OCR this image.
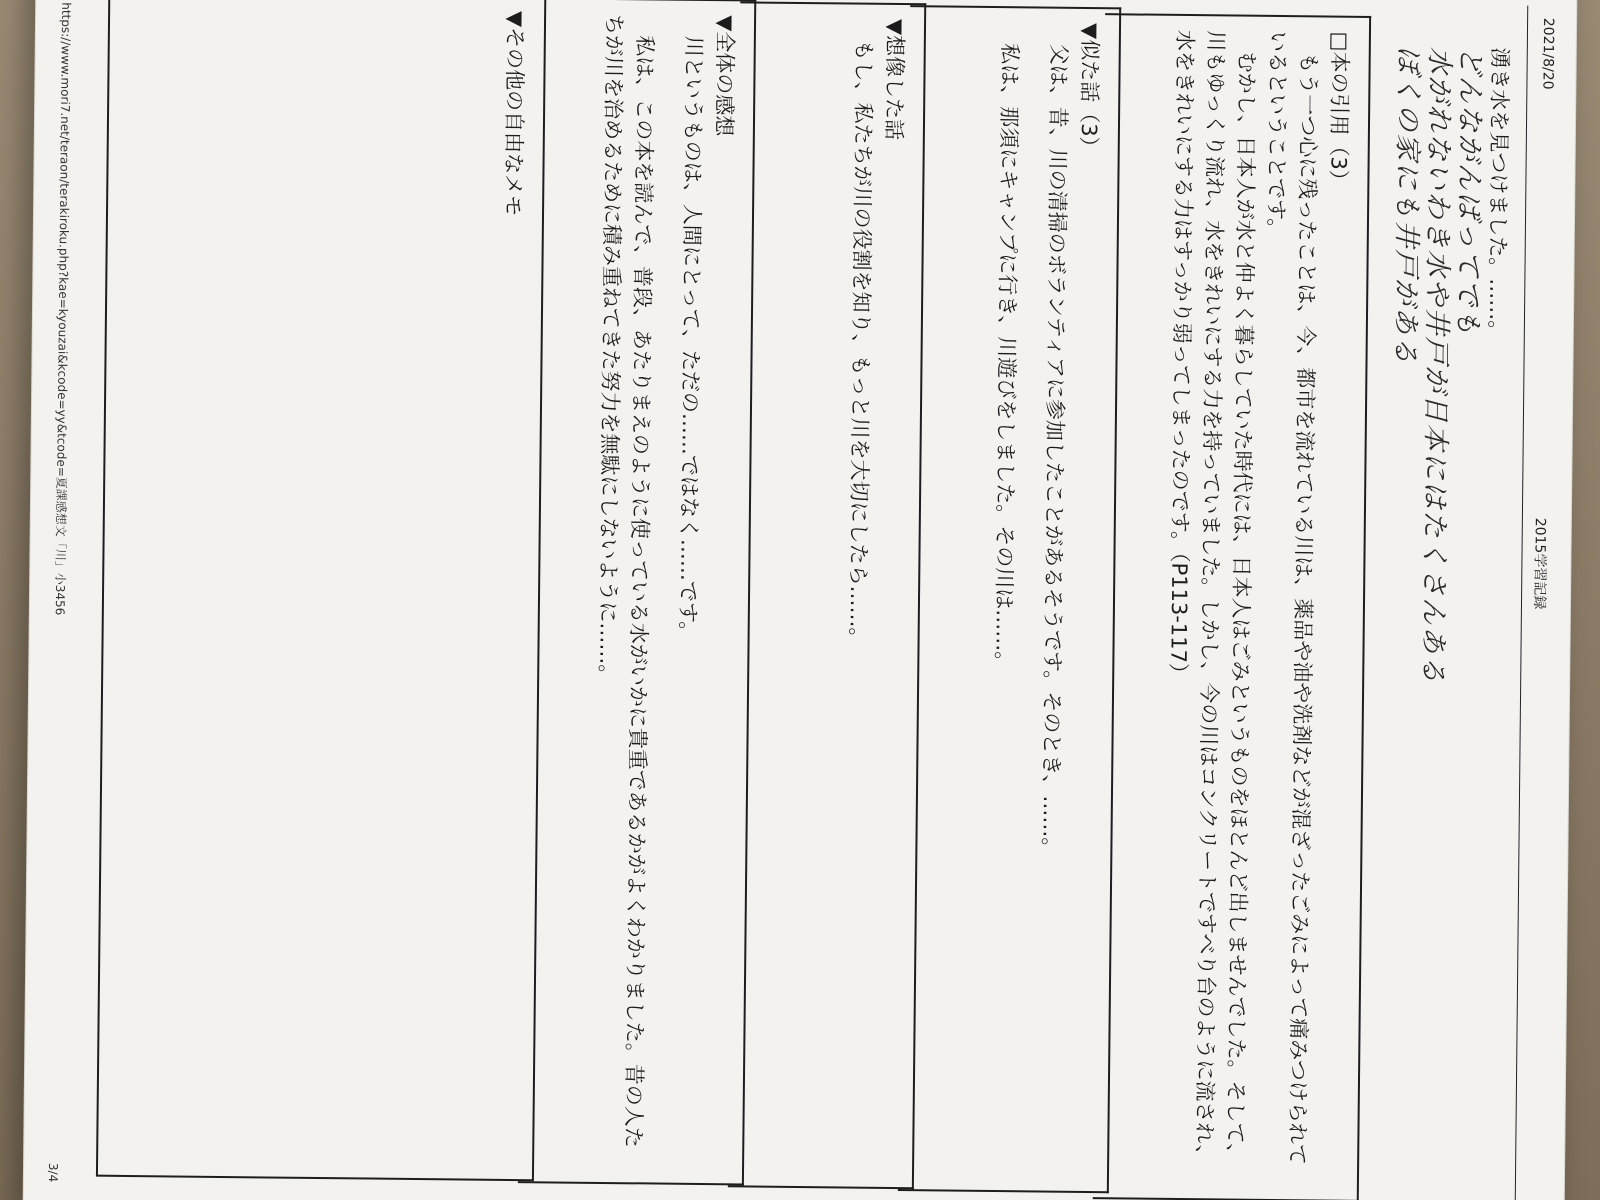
2021/8/20
2015学習記録
湧き水を見つけました。……。
どんながんばってでも
水がれないわき水や井戸が日本にはたくさんある
ぼくの家にも井戸がある
□本の引用（3）

もう一つ心に残ったことは、今、都市を流れている川は、薬品や油や洗剤などが混ざったごみによって痛みつけられているということです。

むかし、日本人が水と仲よく暮らしていた時代には、日本人はごみというものをほとんど出しませんでした。そして、川もゆっくり流れ、水をきれいにする力を持っていました。しかし、今の川はコンクリートですべり台のように流され、水をきれいにする力はすっかり弱ってしまったのです。（P113-117）

▼似た話（3）

父は、昔、川の清掃のボランティアに参加したことがあるそうです。そのとき、……。

私は、那須にキャンプに行き、川遊びをしました。その川は……。

▼想像した話

もし、私たちが川の役割を知り、もっと川を大切にしたら……。

▼全体の感想

川というものは、人間にとって、ただの……ではなく……です。

私は、この本を読んで、普段、あたりまえのように使っている水がいかに貴重であるかがよくわかりました。昔の人たちが川を治めるために積み重ねてきた努力を無駄にしないように……。

▼その他の自由なメモ
https://www.mori7.net/teraon/terakiroku.php?kae=kyouzai&kcode=yy&tcode=夏課感想文「川」小3456
3/4
